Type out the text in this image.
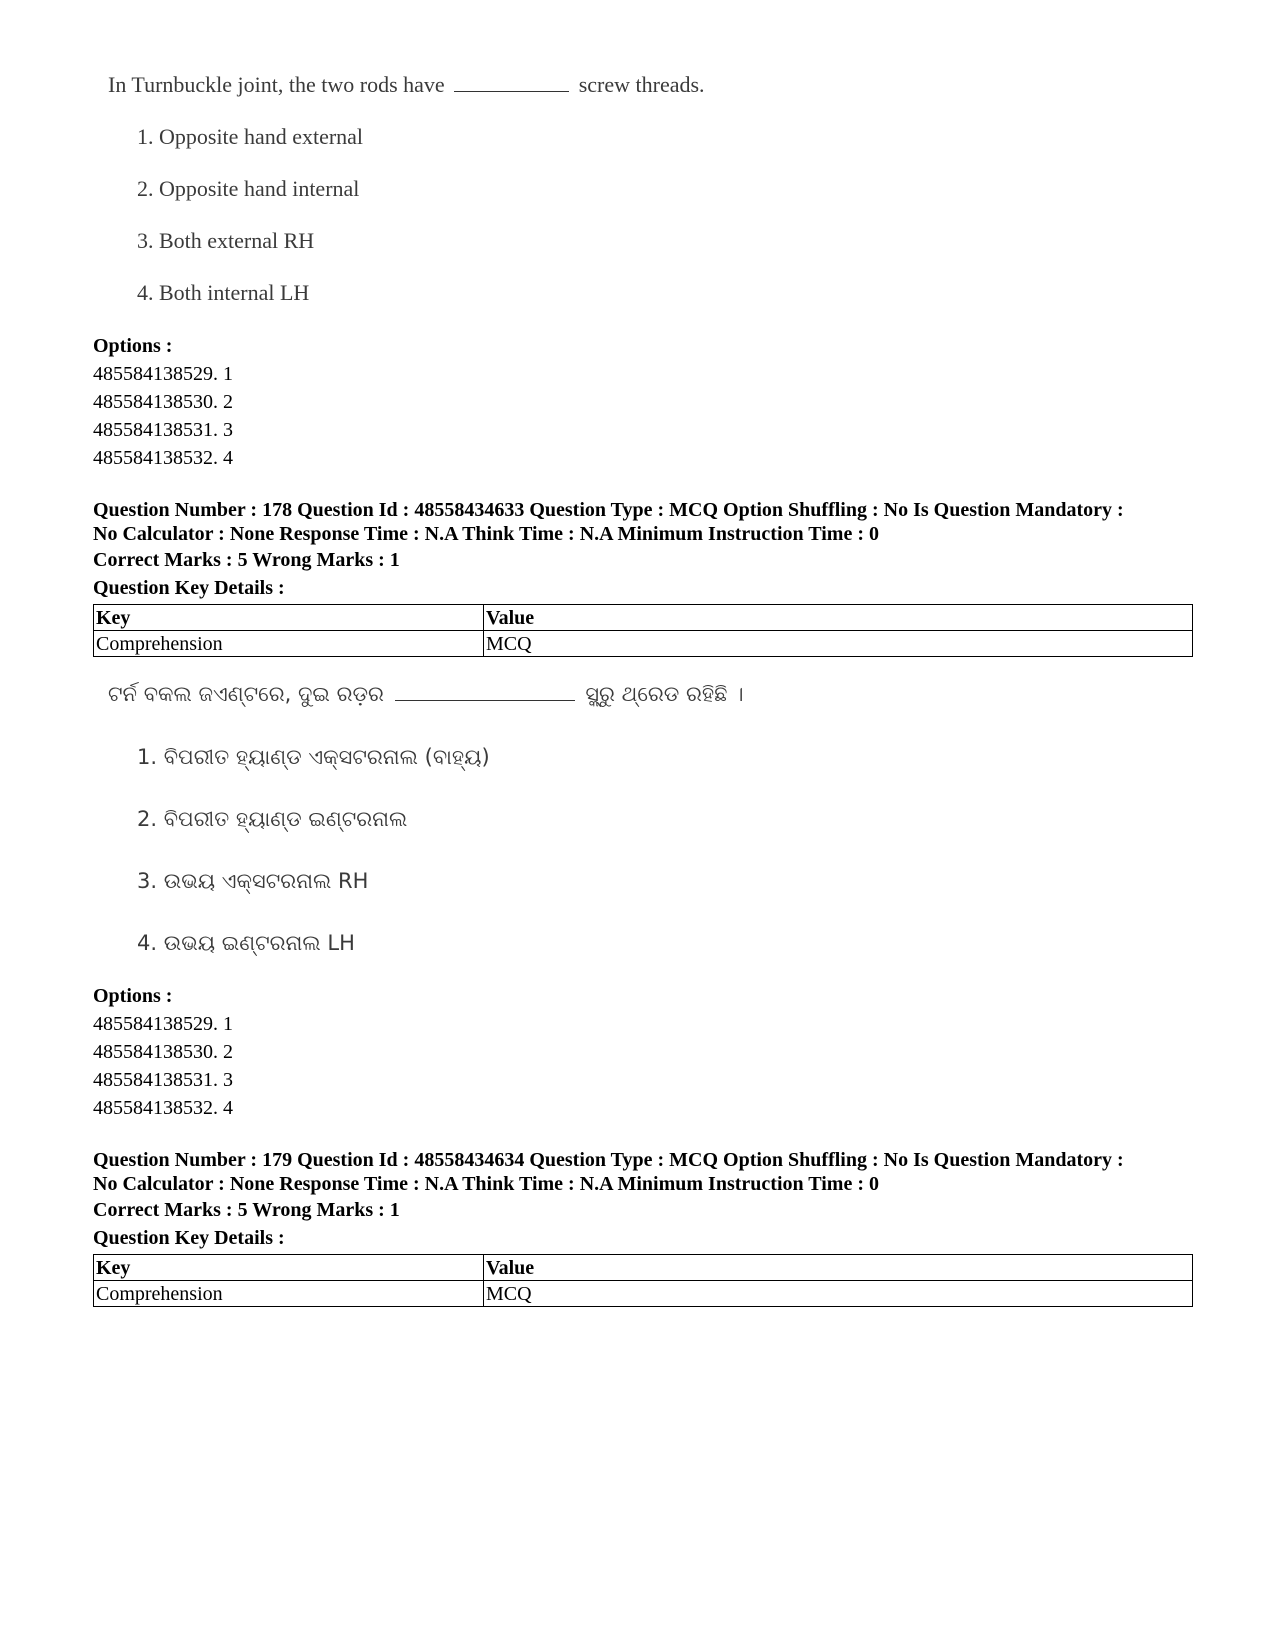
In Turnbuckle joint, the two rods have	screw threads.

1. Opposite hand external
2. Opposite hand internal
3. Both external RH
4. Both internal LH
Options :
485584138529. 1
485584138530. 2
485584138531. 3
485584138532. 4
Question Number : 178 Question Id : 48558434633 Question Type : MCQ Option Shuffling : No Is Question Mandatory :
No Calculator : None Response Time : N.A Think Time : N.A Minimum Instruction Time : 0
Correct Marks : 5 Wrong Marks : 1
Question Key Details :
Key	Value
Comprehension	MCQ

ଟର୍ନ ବକଲ ଜଏଣ୍ଟରେ, ଦୁଇ ରଡ଼ର	ସ୍କ୍ରୁ ଥ୍ରେଡ ରହିଛି ।

1. ବିପରୀତ ହ୍ୟାଣ୍ଡ ଏକ୍ସଟରନାଲ (ବାହ୍ୟ)
2. ବିପରୀତ ହ୍ୟାଣ୍ଡ ଇଣ୍ଟରନାଲ
3. ଉଭୟ ଏକ୍ସଟରନାଲ RH
4. ଉଭୟ ଇଣ୍ଟରନାଲ LH
Options :
485584138529. 1
485584138530. 2
485584138531. 3
485584138532. 4
Question Number : 179 Question Id : 48558434634 Question Type : MCQ Option Shuffling : No Is Question Mandatory :
No Calculator : None Response Time : N.A Think Time : N.A Minimum Instruction Time : 0
Correct Marks : 5 Wrong Marks : 1
Question Key Details :
Key	Value
Comprehension	MCQ
